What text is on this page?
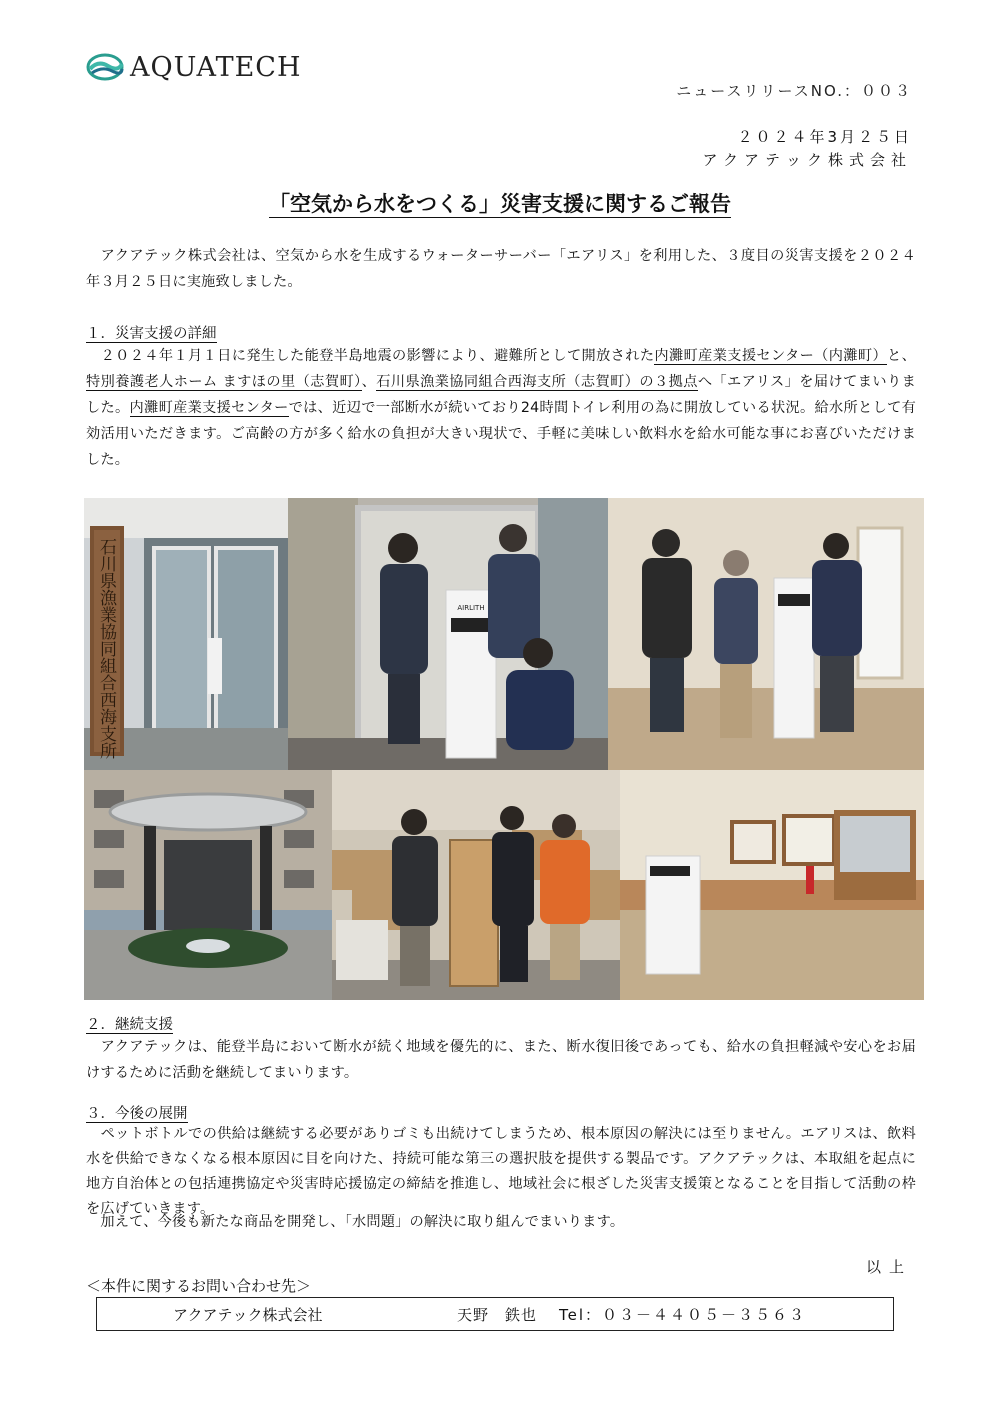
AQUATECH
ニュースリリースNO.：００３
２０２４年3月２５日
アクアテック株式会社
「空気から水をつくる」災害支援に関するご報告
　アクアテック株式会社は、空気から水を生成するウォーターサーバー「エアリス」を利用した、３度目の災害支援を２０２４年３月２５日に実施致しました。
１．災害支援の詳細
　２０２４年１月１日に発生した能登半島地震の影響により、避難所として開放された内灘町産業支援センター（内灘町）と、特別養護老人ホーム ますほの里（志賀町）、石川県漁業協同組合西海支所（志賀町）の３拠点へ「エアリス」を届けてまいりました。内灘町産業支援センターでは、近辺で一部断水が続いており24時間トイレ利用の為に開放している状況。給水所として有効活用いただきます。ご高齢の方が多く給水の負担が大きい現状で、手軽に美味しい飲料水を給水可能な事にお喜びいただけました。
石川県漁業協同組合西海支所	AIRLITH
２．継続支援
　アクアテックは、能登半島において断水が続く地域を優先的に、また、断水復旧後であっても、給水の負担軽減や安心をお届けするために活動を継続してまいります。
３．今後の展開
　ペットボトルでの供給は継続する必要がありゴミも出続けてしまうため、根本原因の解決には至りません。エアリスは、飲料水を供給できなくなる根本原因に目を向けた、持続可能な第三の選択肢を提供する製品です。アクアテックは、本取組を起点に地方自治体との包括連携協定や災害時応援協定の締結を推進し、地域社会に根ざした災害支援策となることを目指して活動の枠を広げていきます。
　加えて、今後も新たな商品を開発し、「水問題」の解決に取り組んでまいります。
以上
＜本件に関するお問い合わせ先＞
アクアテック株式会社	天野　鉄也 Tel：０３－４４０５－３５６３
